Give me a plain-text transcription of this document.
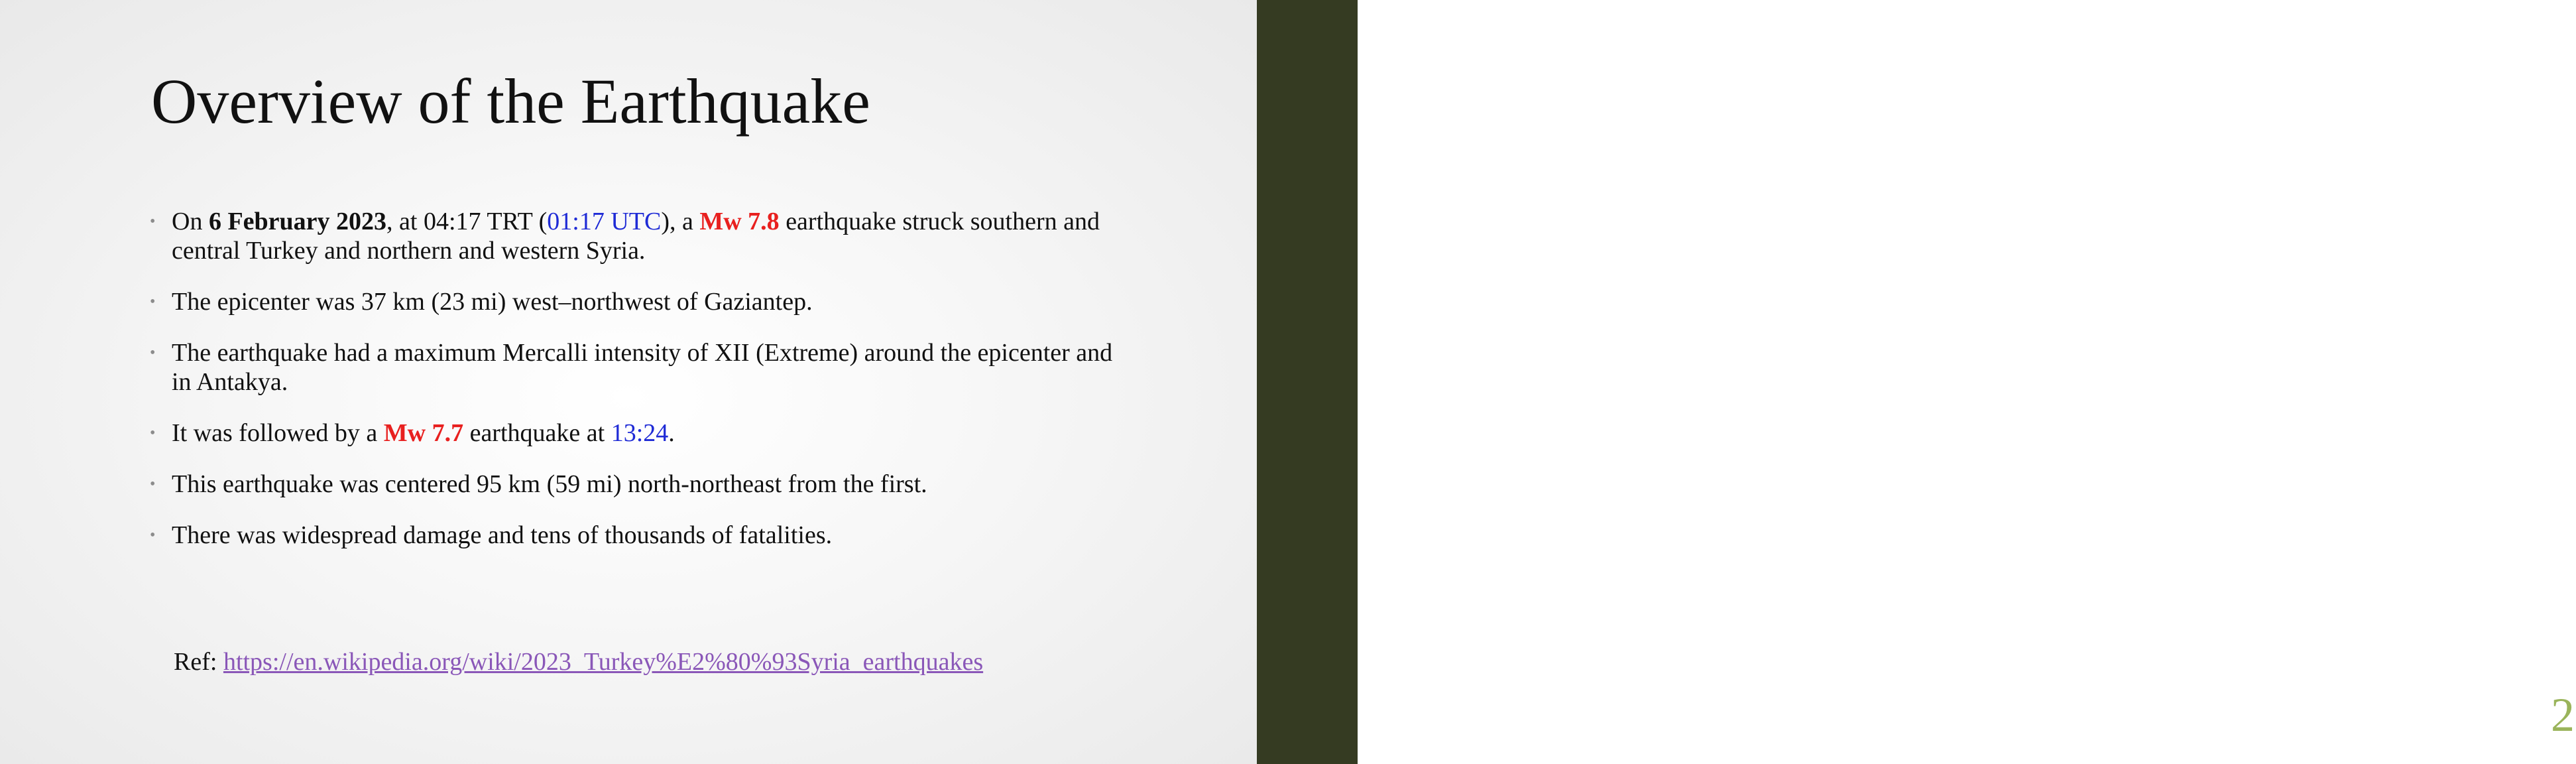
Overview of the Earthquake
• On 6 February 2023, at 04:17 TRT (01:17 UTC), a Mw 7.8 earthquake struck southern and central Turkey and northern and western Syria.
• The epicenter was 37 km (23 mi) west–northwest of Gaziantep.
• The earthquake had a maximum Mercalli intensity of XII (Extreme) around the epicenter and in Antakya.
• It was followed by a Mw 7.7 earthquake at 13:24.
• This earthquake was centered 95 km (59 mi) north-northeast from the first.
• There was widespread damage and tens of thousands of fatalities.
Ref: https://en.wikipedia.org/wiki/2023_Turkey%E2%80%93Syria_earthquakes
Turkey Eq. Building Collapse causes and geotechnical Failures, SPP-CL
2
